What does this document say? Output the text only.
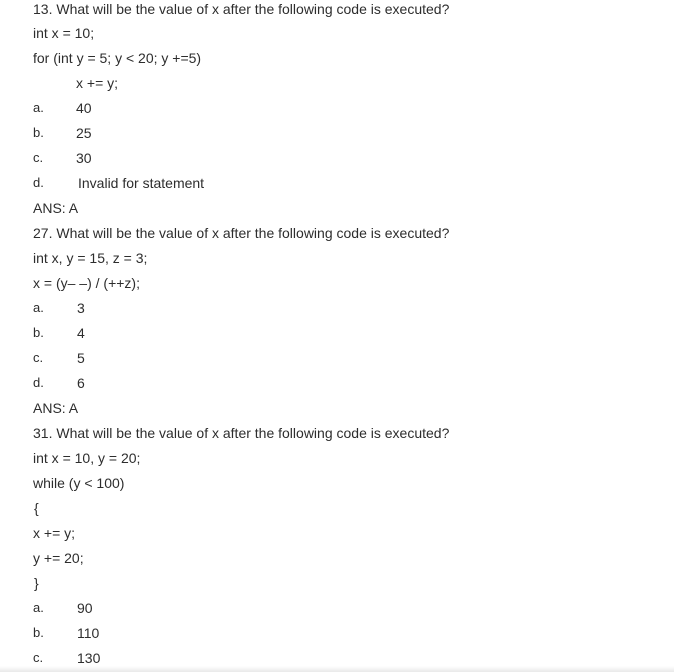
13. What will be the value of x after the following code is executed?
int x = 10;
for (int y = 5; y < 20; y +=5)
x += y;
a. 40
b. 25
c. 30
d. Invalid for statement
ANS: A
27. What will be the value of x after the following code is executed?
int x, y = 15, z = 3;
x = (y– –) / (++z);
a. 3
b. 4
c. 5
d. 6
ANS: A
31. What will be the value of x after the following code is executed?
int x = 10, y = 20;
while (y < 100)
{
x += y;
y += 20;
}
a. 90
b. 110
c. 130
